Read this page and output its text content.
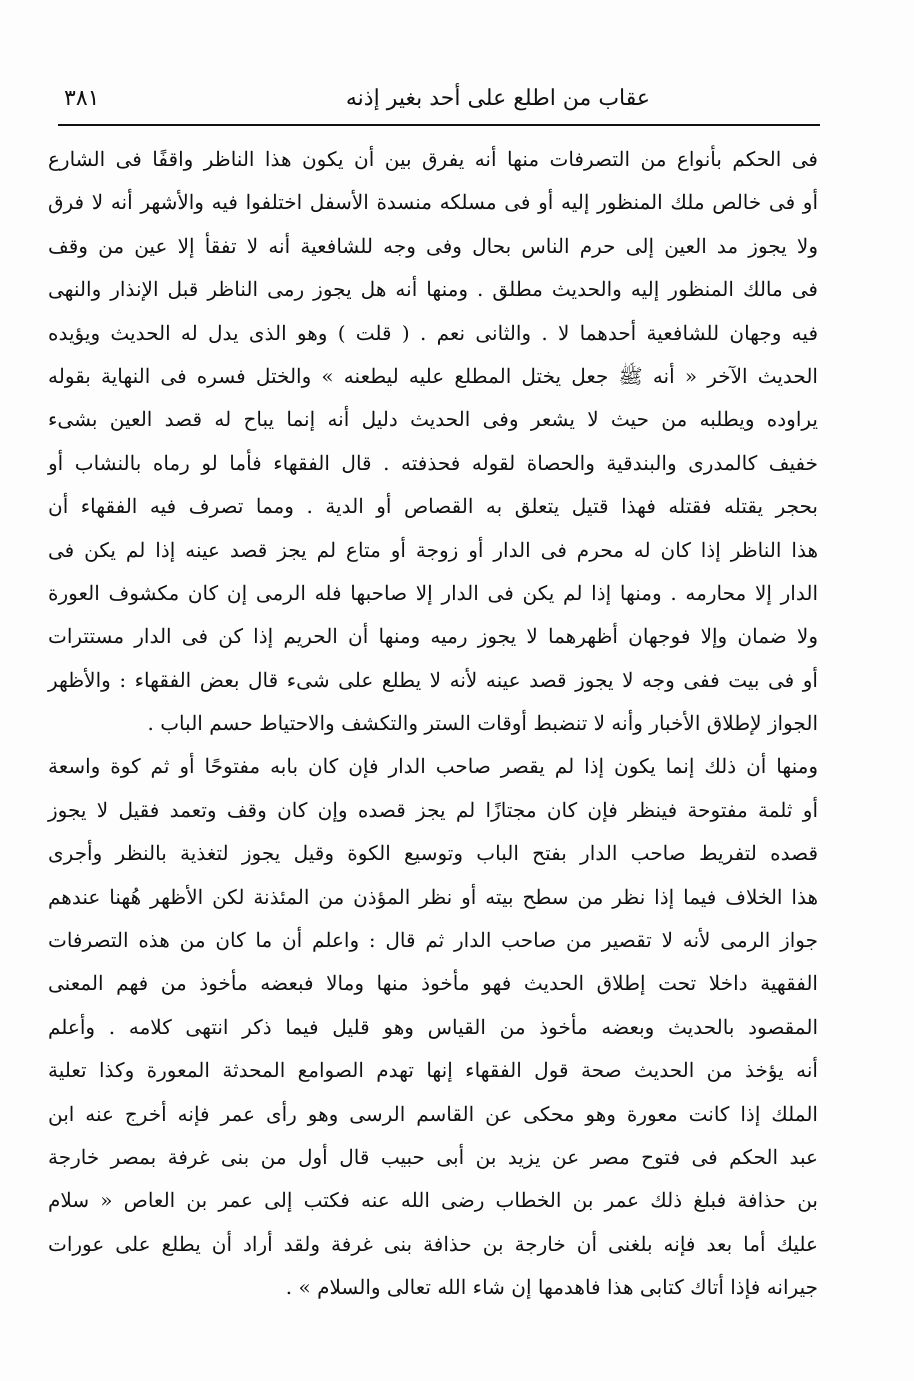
عقاب من اطلع على أحد بغير إذنه
٣٨١
فى الحكم بأنواع من التصرفات منها أنه يفرق بين أن يكون هذا الناظر واقفًا فى الشارع
أو فى خالص ملك المنظور إليه أو فى مسلكه منسدة الأسفل اختلفوا فيه والأشهر أنه لا فرق
ولا يجوز مد العين إلى حرم الناس بحال وفى وجه للشافعية أنه لا تفقأ إلا عين من وقف
فى مالك المنظور إليه والحديث مطلق . ومنها أنه هل يجوز رمى الناظر قبل الإنذار والنهى
فيه وجهان للشافعية أحدهما لا . والثانى نعم . ( قلت ) وهو الذى يدل له الحديث ويؤيده
الحديث الآخر « أنه ﷺ جعل يختل المطلع عليه ليطعنه » والختل فسره فى النهاية بقوله
يراوده ويطلبه من حيث لا يشعر وفى الحديث دليل أنه إنما يباح له قصد العين بشىء
خفيف كالمدرى والبندقية والحصاة لقوله فحذفته . قال الفقهاء فأما لو رماه بالنشاب أو
بحجر يقتله فقتله فهذا قتيل يتعلق به القصاص أو الدية . ومما تصرف فيه الفقهاء أن
هذا الناظر إذا كان له محرم فى الدار أو زوجة أو متاع لم يجز قصد عينه إذا لم يكن فى
الدار إلا محارمه . ومنها إذا لم يكن فى الدار إلا صاحبها فله الرمى إن كان مكشوف العورة
ولا ضمان وإلا فوجهان أظهرهما لا يجوز رميه ومنها أن الحريم إذا كن فى الدار مستترات
أو فى بيت ففى وجه لا يجوز قصد عينه لأنه لا يطلع على شىء قال بعض الفقهاء : والأظهر
الجواز لإطلاق الأخبار وأنه لا تنضبط أوقات الستر والتكشف والاحتياط حسم الباب .
ومنها أن ذلك إنما يكون إذا لم يقصر صاحب الدار فإن كان بابه مفتوحًا أو ثم كوة واسعة
أو ثلمة مفتوحة فينظر فإن كان مجتازًا لم يجز قصده وإن كان وقف وتعمد فقيل لا يجوز
قصده لتفريط صاحب الدار بفتح الباب وتوسيع الكوة وقيل يجوز لتغذية بالنظر وأجرى
هذا الخلاف فيما إذا نظر من سطح بيته أو نظر المؤذن من المئذنة لكن الأظهر هُهنا عندهم
جواز الرمى لأنه لا تقصير من صاحب الدار ثم قال : واعلم أن ما كان من هذه التصرفات
الفقهية داخلا تحت إطلاق الحديث فهو مأخوذ منها ومالا فبعضه مأخوذ من فهم المعنى
المقصود بالحديث وبعضه مأخوذ من القياس وهو قليل فيما ذكر انتهى كلامه . وأعلم
أنه يؤخذ من الحديث صحة قول الفقهاء إنها تهدم الصوامع المحدثة المعورة وكذا تعلية
الملك إذا كانت معورة وهو محكى عن القاسم الرسى وهو رأى عمر فإنه أخرج عنه ابن
عبد الحكم فى فتوح مصر عن يزيد بن أبى حبيب قال أول من بنى غرفة بمصر خارجة
بن حذافة فبلغ ذلك عمر بن الخطاب رضى الله عنه فكتب إلى عمر بن العاص « سلام
عليك أما بعد فإنه بلغنى أن خارجة بن حذافة بنى غرفة ولقد أراد أن يطلع على عورات
جيرانه فإذا أتاك كتابى هذا فاهدمها إن شاء الله تعالى والسلام » .
